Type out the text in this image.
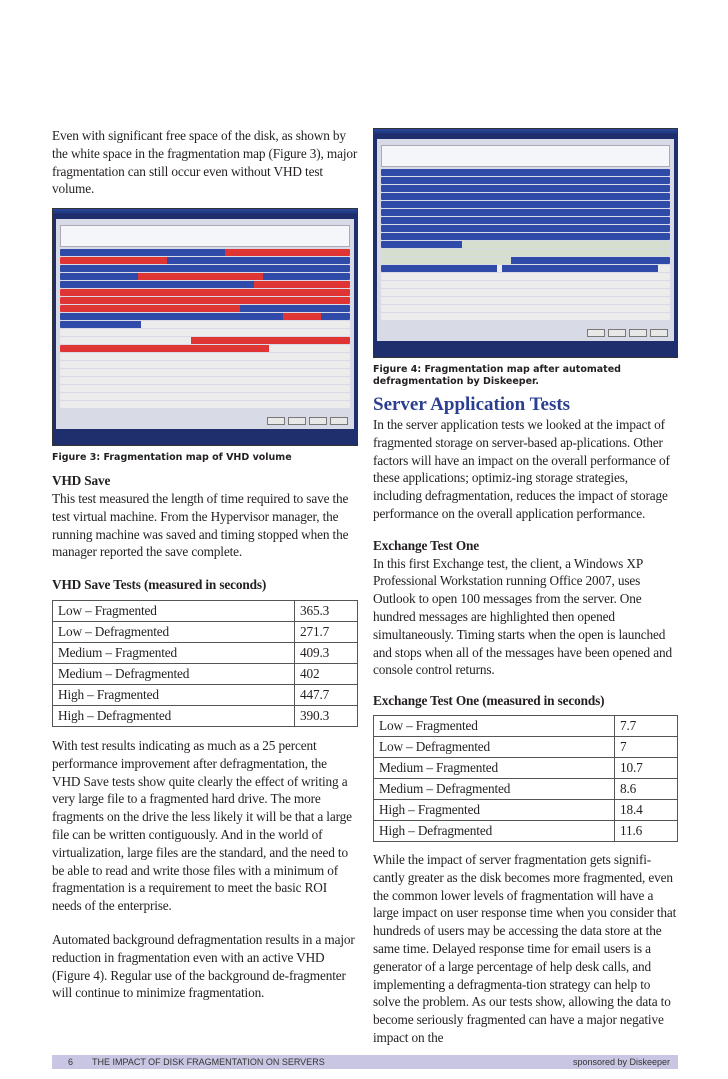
Even with significant free space of the disk, as shown by the white space in the fragmentation map (Figure 3), major fragmentation can still occur even without VHD test volume.

Figure 3: Fragmentation map of VHD volume

VHD Save

This test measured the length of time required to save the test virtual machine. From the Hypervisor manager, the running machine was saved and timing stopped when the manager reported the save complete.

VHD Save Tests (measured in seconds)

Low – Fragmented	365.3
Low – Defragmented	271.7
Medium – Fragmented	409.3
Medium – Defragmented	402
High – Fragmented	447.7
High – Defragmented	390.3

With test results indicating as much as a 25 percent performance improvement after defragmentation, the VHD Save tests show quite clearly the effect of writing a very large file to a fragmented hard drive. The more fragments on the drive the less likely it will be that a large file can be written contiguously. And in the world of virtualization, large files are the standard, and the need to be able to read and write those files with a minimum of fragmentation is a requirement to meet the basic ROI needs of the enterprise.

Automated background defragmentation results in a major reduction in fragmentation even with an active VHD (Figure 4). Regular use of the background de-fragmenter will continue to minimize fragmentation.

Figure 4: Fragmentation map after automated defragmentation by Diskeeper.
Server Application Tests

In the server application tests we looked at the impact of fragmented storage on server-based ap-plications. Other factors will have an impact on the overall performance of these applications; optimiz-ing storage strategies, including defragmentation, reduces the impact of storage performance on the overall application performance.

Exchange Test One

In this first Exchange test, the client, a Windows XP Professional Workstation running Office 2007, uses Outlook to open 100 messages from the server. One hundred messages are highlighted then opened simultaneously. Timing starts when the open is launched and stops when all of the messages have been opened and console control returns.

Exchange Test One (measured in seconds)

Low – Fragmented	7.7
Low – Defragmented	7
Medium – Fragmented	10.7
Medium – Defragmented	8.6
High – Fragmented	18.4
High – Defragmented	11.6

While the impact of server fragmentation gets signifi-cantly greater as the disk becomes more fragmented, even the common lower levels of fragmentation will have a large impact on user response time when you consider that hundreds of users may be accessing the data store at the same time. Delayed response time for email users is a generator of a large percentage of help desk calls, and implementing a defragmenta-tion strategy can help to solve the problem. As our tests show, allowing the data to become seriously fragmented can have a major negative impact on the

6 THE IMPACT OF DISK FRAGMENTATION ON SERVERS	sponsored by Diskeeper
